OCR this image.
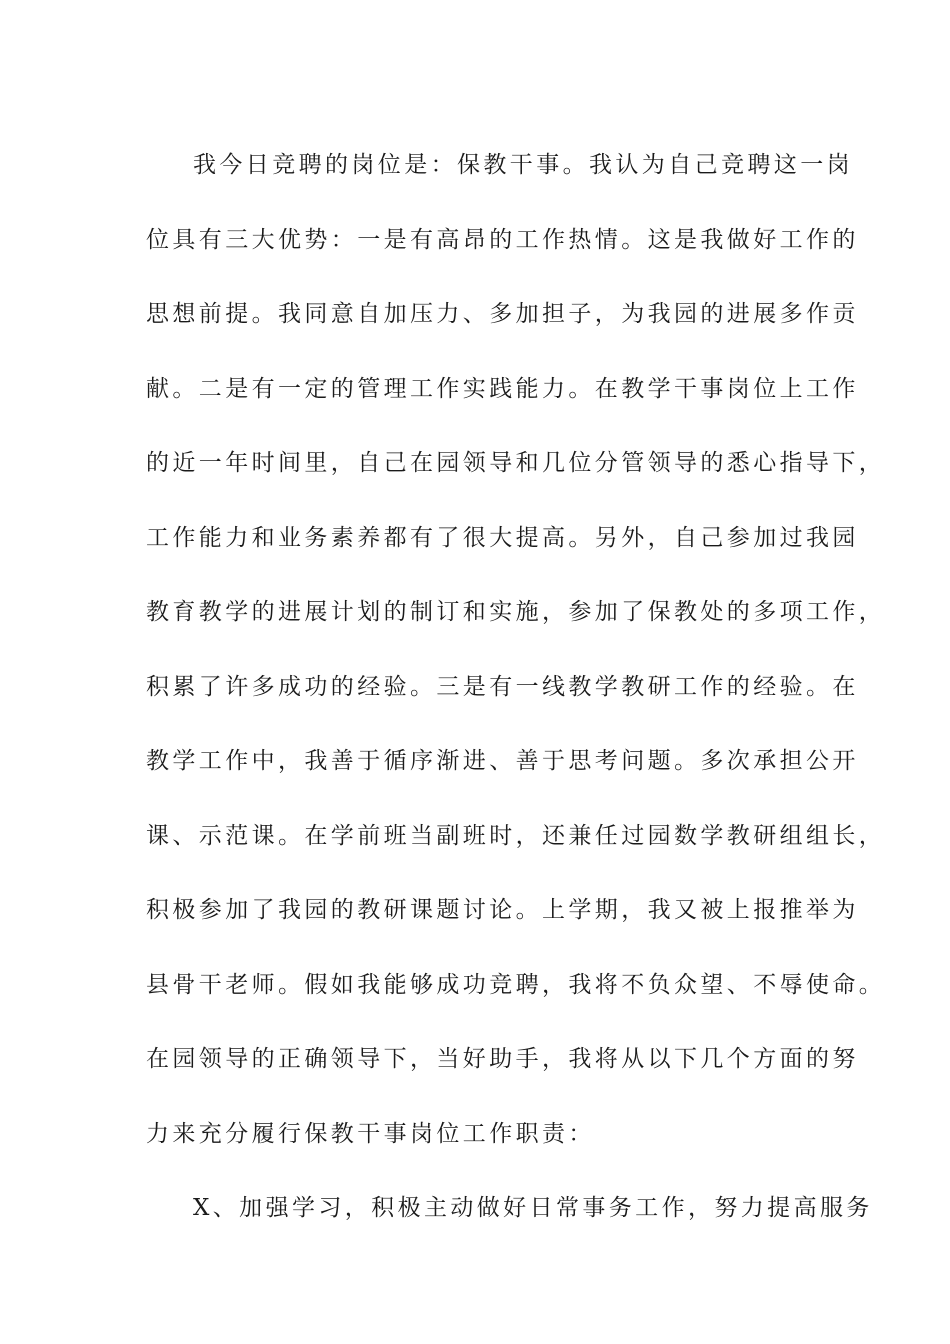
我今日竞聘的岗位是：保教干事。我认为自己竞聘这一岗
位具有三大优势：一是有高昂的工作热情。这是我做好工作的
思想前提。我同意自加压力、多加担子，为我园的进展多作贡
献。二是有一定的管理工作实践能力。在教学干事岗位上工作
的近一年时间里，自己在园领导和几位分管领导的悉心指导下，
工作能力和业务素养都有了很大提高。另外，自己参加过我园
教育教学的进展计划的制订和实施，参加了保教处的多项工作，
积累了许多成功的经验。三是有一线教学教研工作的经验。在
教学工作中，我善于循序渐进、善于思考问题。多次承担公开
课、示范课。在学前班当副班时，还兼任过园数学教研组组长，
积极参加了我园的教研课题讨论。上学期，我又被上报推举为
县骨干老师。假如我能够成功竞聘，我将不负众望、不辱使命。
在园领导的正确领导下，当好助手，我将从以下几个方面的努
力来充分履行保教干事岗位工作职责：
X、加强学习，积极主动做好日常事务工作，努力提高服务
